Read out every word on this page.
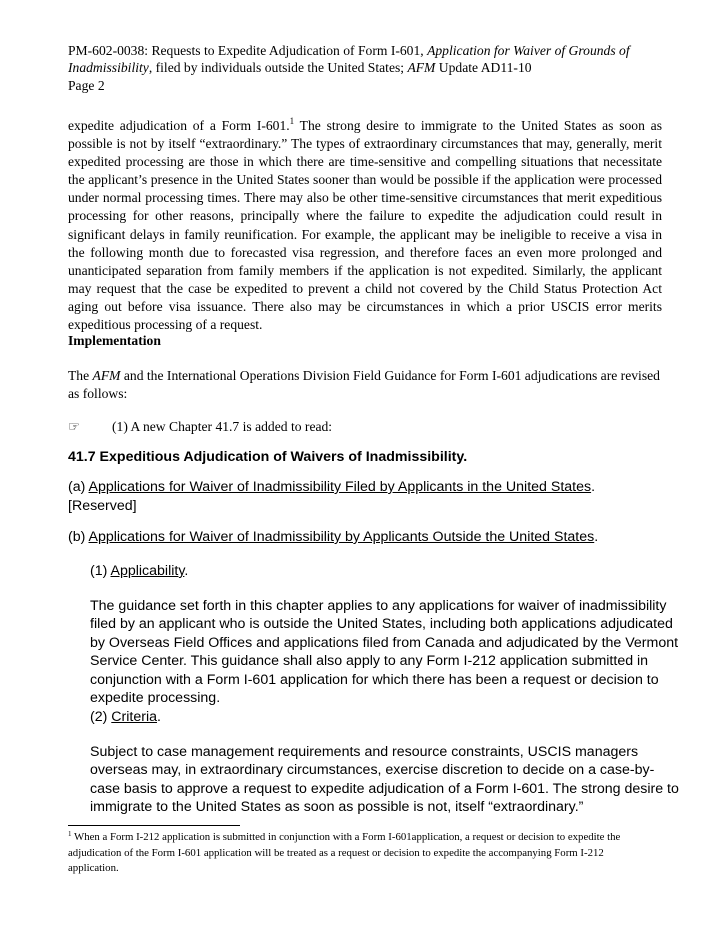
PM-602-0038: Requests to Expedite Adjudication of Form I-601, Application for Waiver of Grounds of Inadmissibility, filed by individuals outside the United States; AFM Update AD11-10

Page 2

expedite adjudication of a Form I-601.$^1$ The strong desire to immigrate to the United States as soon as possible is not by itself “extraordinary.” The types of extraordinary circumstances that may, generally, merit expedited processing are those in which there are time-sensitive and compelling situations that necessitate the applicant’s presence in the United States sooner than would be possible if the application were processed under normal processing times. There may also be other time-sensitive circumstances that merit expeditious processing for other reasons, principally where the failure to expedite the adjudication could result in significant delays in family reunification. For example, the applicant may be ineligible to receive a visa in the following month due to forecasted visa regression, and therefore faces an even more prolonged and unanticipated separation from family members if the application is not expedited. Similarly, the applicant may request that the case be expedited to prevent a child not covered by the Child Status Protection Act aging out before visa issuance. There also may be circumstances in which a prior USCIS error merits expeditious processing of a request.

Implementation

The AFM and the International Operations Division Field Guidance for Form I-601 adjudications are revised as follows:

☞	(1) A new Chapter 41.7 is added to read:

41.7 Expeditious Adjudication of Waivers of Inadmissibility.

(a) Applications for Waiver of Inadmissibility Filed by Applicants in the United States.
[Reserved]

(b) Applications for Waiver of Inadmissibility by Applicants Outside the United States.

(1) Applicability.

The guidance set forth in this chapter applies to any applications for waiver of inadmissibility filed by an applicant who is outside the United States, including both applications adjudicated by Overseas Field Offices and applications filed from Canada and adjudicated by the Vermont Service Center. This guidance shall also apply to any Form I-212 application submitted in conjunction with a Form I-601 application for which there has been a request or decision to expedite processing.

(2) Criteria.

Subject to case management requirements and resource constraints, USCIS managers overseas may, in extraordinary circumstances, exercise discretion to decide on a case-by-case basis to approve a request to expedite adjudication of a Form I-601. The strong desire to immigrate to the United States as soon as possible is not, itself “extraordinary.”

$^1$ When a Form I-212 application is submitted in conjunction with a Form I-601application, a request or decision to expedite the adjudication of the Form I-601 application will be treated as a request or decision to expedite the accompanying Form I-212 application.
